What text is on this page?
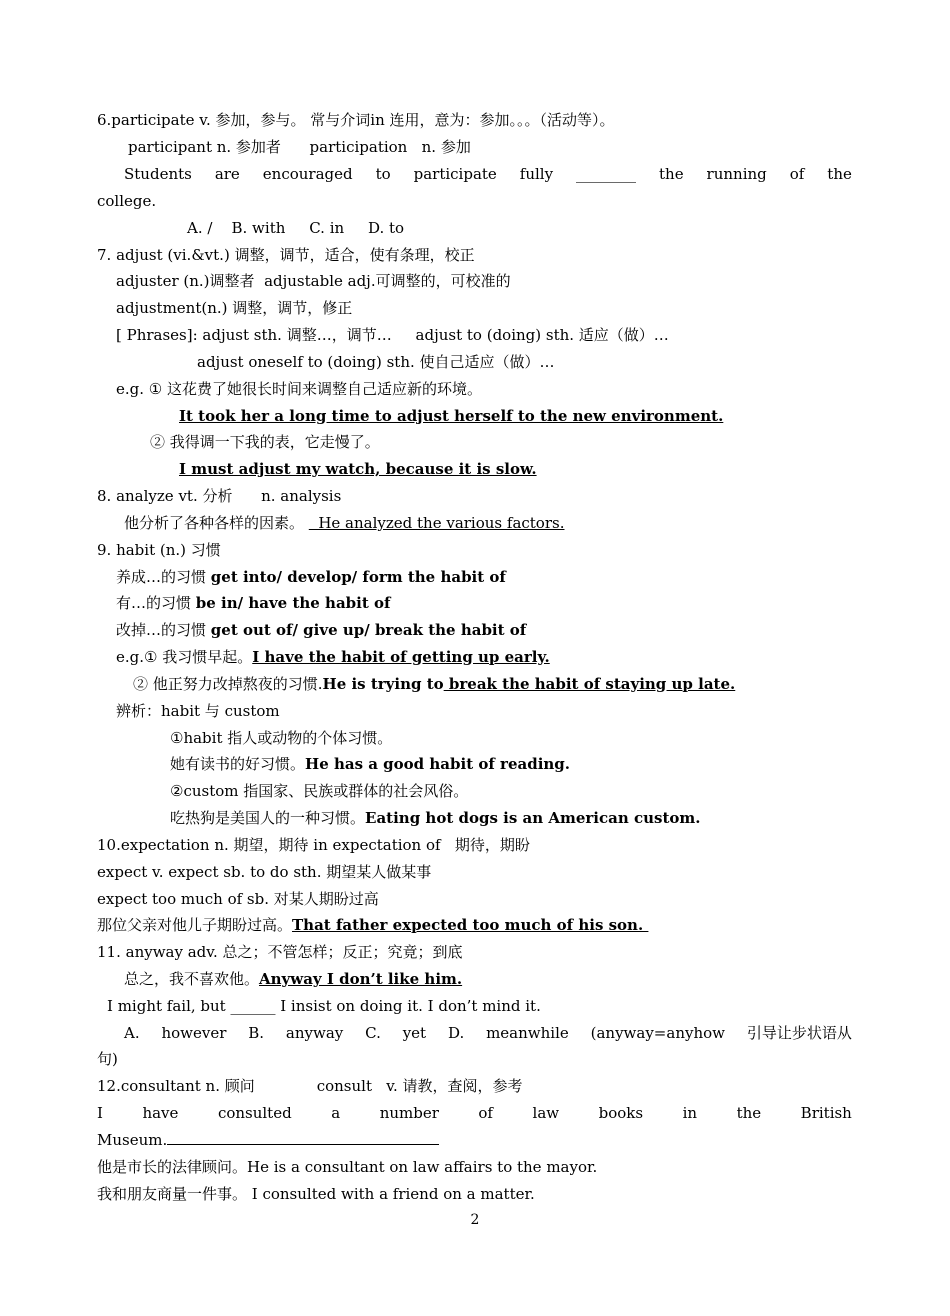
6.participate v. 参加，参与。 常与介词in 连用，意为：参加。。。（活动等）。
participant n. 参加者      participation   n. 参加
Students are encouraged to participate fully ________ the running of the
college.
A. /    B. with     C. in     D. to
7. adjust (vi.&vt.) 调整，调节，适合，使有条理，校正
adjuster (n.)调整者  adjustable adj.可调整的，可校准的
adjustment(n.) 调整，调节，修正
[ Phrases]: adjust sth. 调整…，调节…     adjust to (doing) sth. 适应（做）…
adjust oneself to (doing) sth. 使自己适应（做）…
e.g. ① 这花费了她很长时间来调整自己适应新的环境。
It took her a long time to adjust herself to the new environment.
② 我得调一下我的表，它走慢了。
I must adjust my watch, because it is slow.
8. analyze vt. 分析      n. analysis
他分析了各种各样的因素。   He analyzed the various factors.
9. habit (n.) 习惯
养成…的习惯 get into/ develop/ form the habit of
有…的习惯 be in/ have the habit of
改掉…的习惯 get out of/ give up/ break the habit of
e.g.① 我习惯早起。I have the habit of getting up early.
② 他正努力改掉熬夜的习惯.He is trying to break the habit of staying up late.
辨析：habit 与 custom
①habit 指人或动物的个体习惯。
她有读书的好习惯。He has a good habit of reading.
②custom 指国家、民族或群体的社会风俗。
吃热狗是美国人的一种习惯。Eating hot dogs is an American custom.
10.expectation n. 期望，期待 in expectation of   期待，期盼
expect v. expect sb. to do sth. 期望某人做某事
expect too much of sb. 对某人期盼过高
那位父亲对他儿子期盼过高。That father expected too much of his son.
11. anyway adv. 总之；不管怎样；反正；究竟；到底
总之，我不喜欢他。Anyway I don’t like him.
I might fail, but ______ I insist on doing it. I don’t mind it.
A. however B. anyway C. yet D. meanwhile (anyway=anyhow 引导让步状语从
句)
12.consultant n. 顾问             consult   v. 请教，查阅，参考
I	have	consulted	a	number	of	law	books	in	the	British
Museum.
他是市长的法律顾问。He is a consultant on law affairs to the mayor.
我和朋友商量一件事。 I consulted with a friend on a matter.
2
